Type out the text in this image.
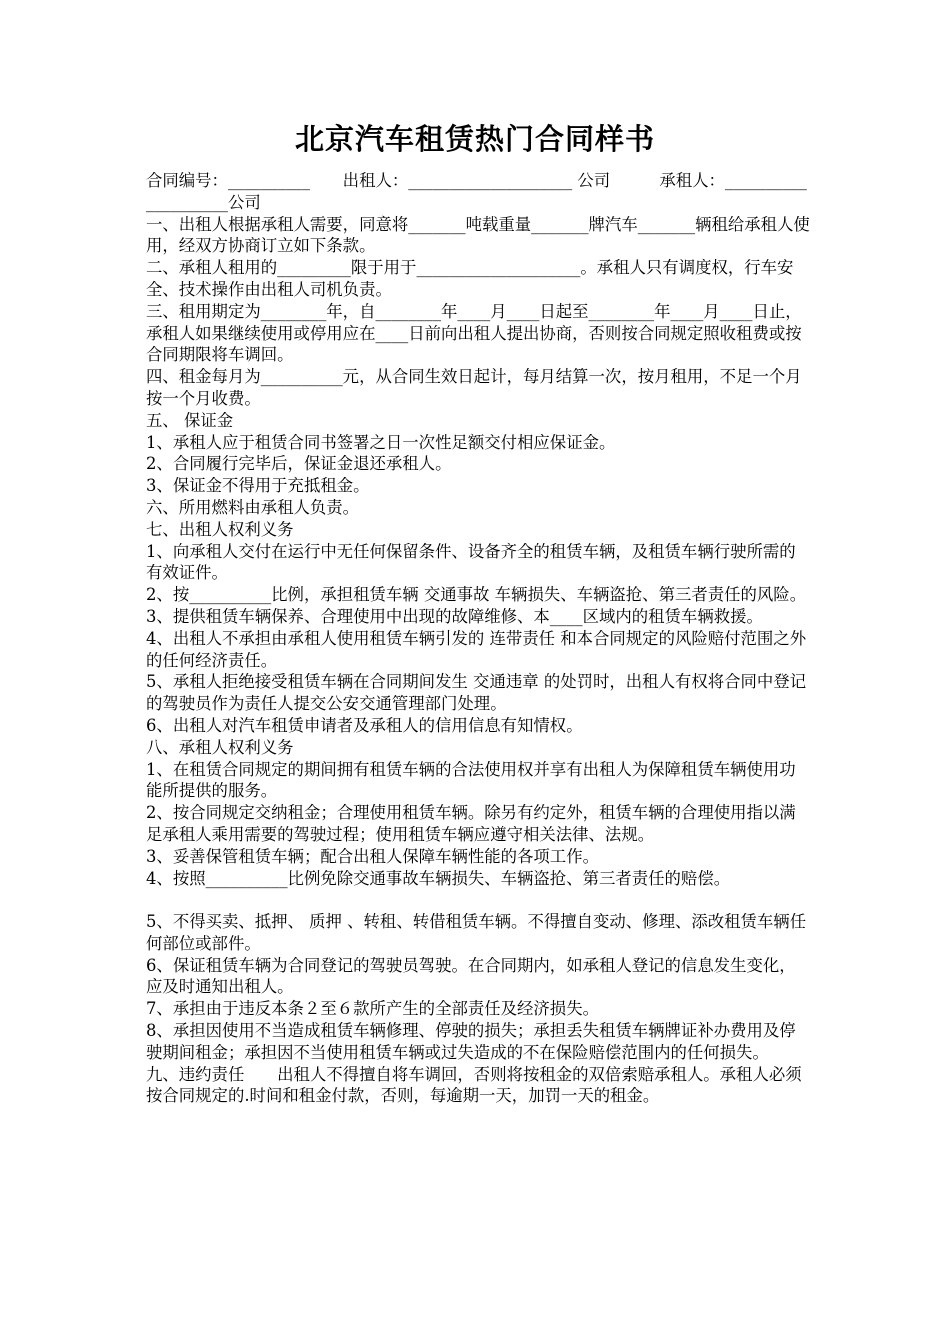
北京汽车租赁热门合同样书

合同编号：__________　　出租人：____________________ 公司　　　承租人：____________________公司

一、出租人根据承租人需要，同意将_______吨载重量_______牌汽车_______辆租给承租人使用，经双方协商订立如下条款。

二、承租人租用的_________限于用于____________________。承租人只有调度权，行车安全、技术操作由出租人司机负责。

三、租用期定为________年，自________年____月____日起至________年____月____日止，承租人如果继续使用或停用应在____日前向出租人提出协商，否则按合同规定照收租费或按合同期限将车调回。

四、租金每月为__________元，从合同生效日起计，每月结算一次，按月租用，不足一个月按一个月收费。

五、 保证金

1、承租人应于租赁合同书签署之日一次性足额交付相应保证金。

2、合同履行完毕后，保证金退还承租人。

3、保证金不得用于充抵租金。

六、所用燃料由承租人负责。

七、出租人权利义务

1、向承租人交付在运行中无任何保留条件、设备齐全的租赁车辆，及租赁车辆行驶所需的有效证件。

2、按__________比例，承担租赁车辆 交通事故 车辆损失、车辆盗抢、第三者责任的风险。

3、提供租赁车辆保养、合理使用中出现的故障维修、本____区域内的租赁车辆救援。

4、出租人不承担由承租人使用租赁车辆引发的 连带责任 和本合同规定的风险赔付范围之外的任何经济责任。

5、承租人拒绝接受租赁车辆在合同期间发生 交通违章 的处罚时，出租人有权将合同中登记的驾驶员作为责任人提交公安交通管理部门处理。

6、出租人对汽车租赁申请者及承租人的信用信息有知情权。

八、承租人权利义务

1、在租赁合同规定的期间拥有租赁车辆的合法使用权并享有出租人为保障租赁车辆使用功能所提供的服务。

2、按合同规定交纳租金；合理使用租赁车辆。除另有约定外，租赁车辆的合理使用指以满足承租人乘用需要的驾驶过程；使用租赁车辆应遵守相关法律、法规。

3、妥善保管租赁车辆；配合出租人保障车辆性能的各项工作。

4、按照__________比例免除交通事故车辆损失、车辆盗抢、第三者责任的赔偿。

5、不得买卖、抵押、 质押 、转租、转借租赁车辆。不得擅自变动、修理、添改租赁车辆任何部位或部件。

6、保证租赁车辆为合同登记的驾驶员驾驶。在合同期内，如承租人登记的信息发生变化，应及时通知出租人。

7、承担由于违反本条２至６款所产生的全部责任及经济损失。

8、承担因使用不当造成租赁车辆修理、停驶的损失；承担丢失租赁车辆牌证补办费用及停驶期间租金；承担因不当使用租赁车辆或过失造成的不在保险赔偿范围内的任何损失。

九、违约责任　　出租人不得擅自将车调回，否则将按租金的双倍索赔承租人。承租人必须按合同规定的.时间和租金付款，否则，每逾期一天，加罚一天的租金。
